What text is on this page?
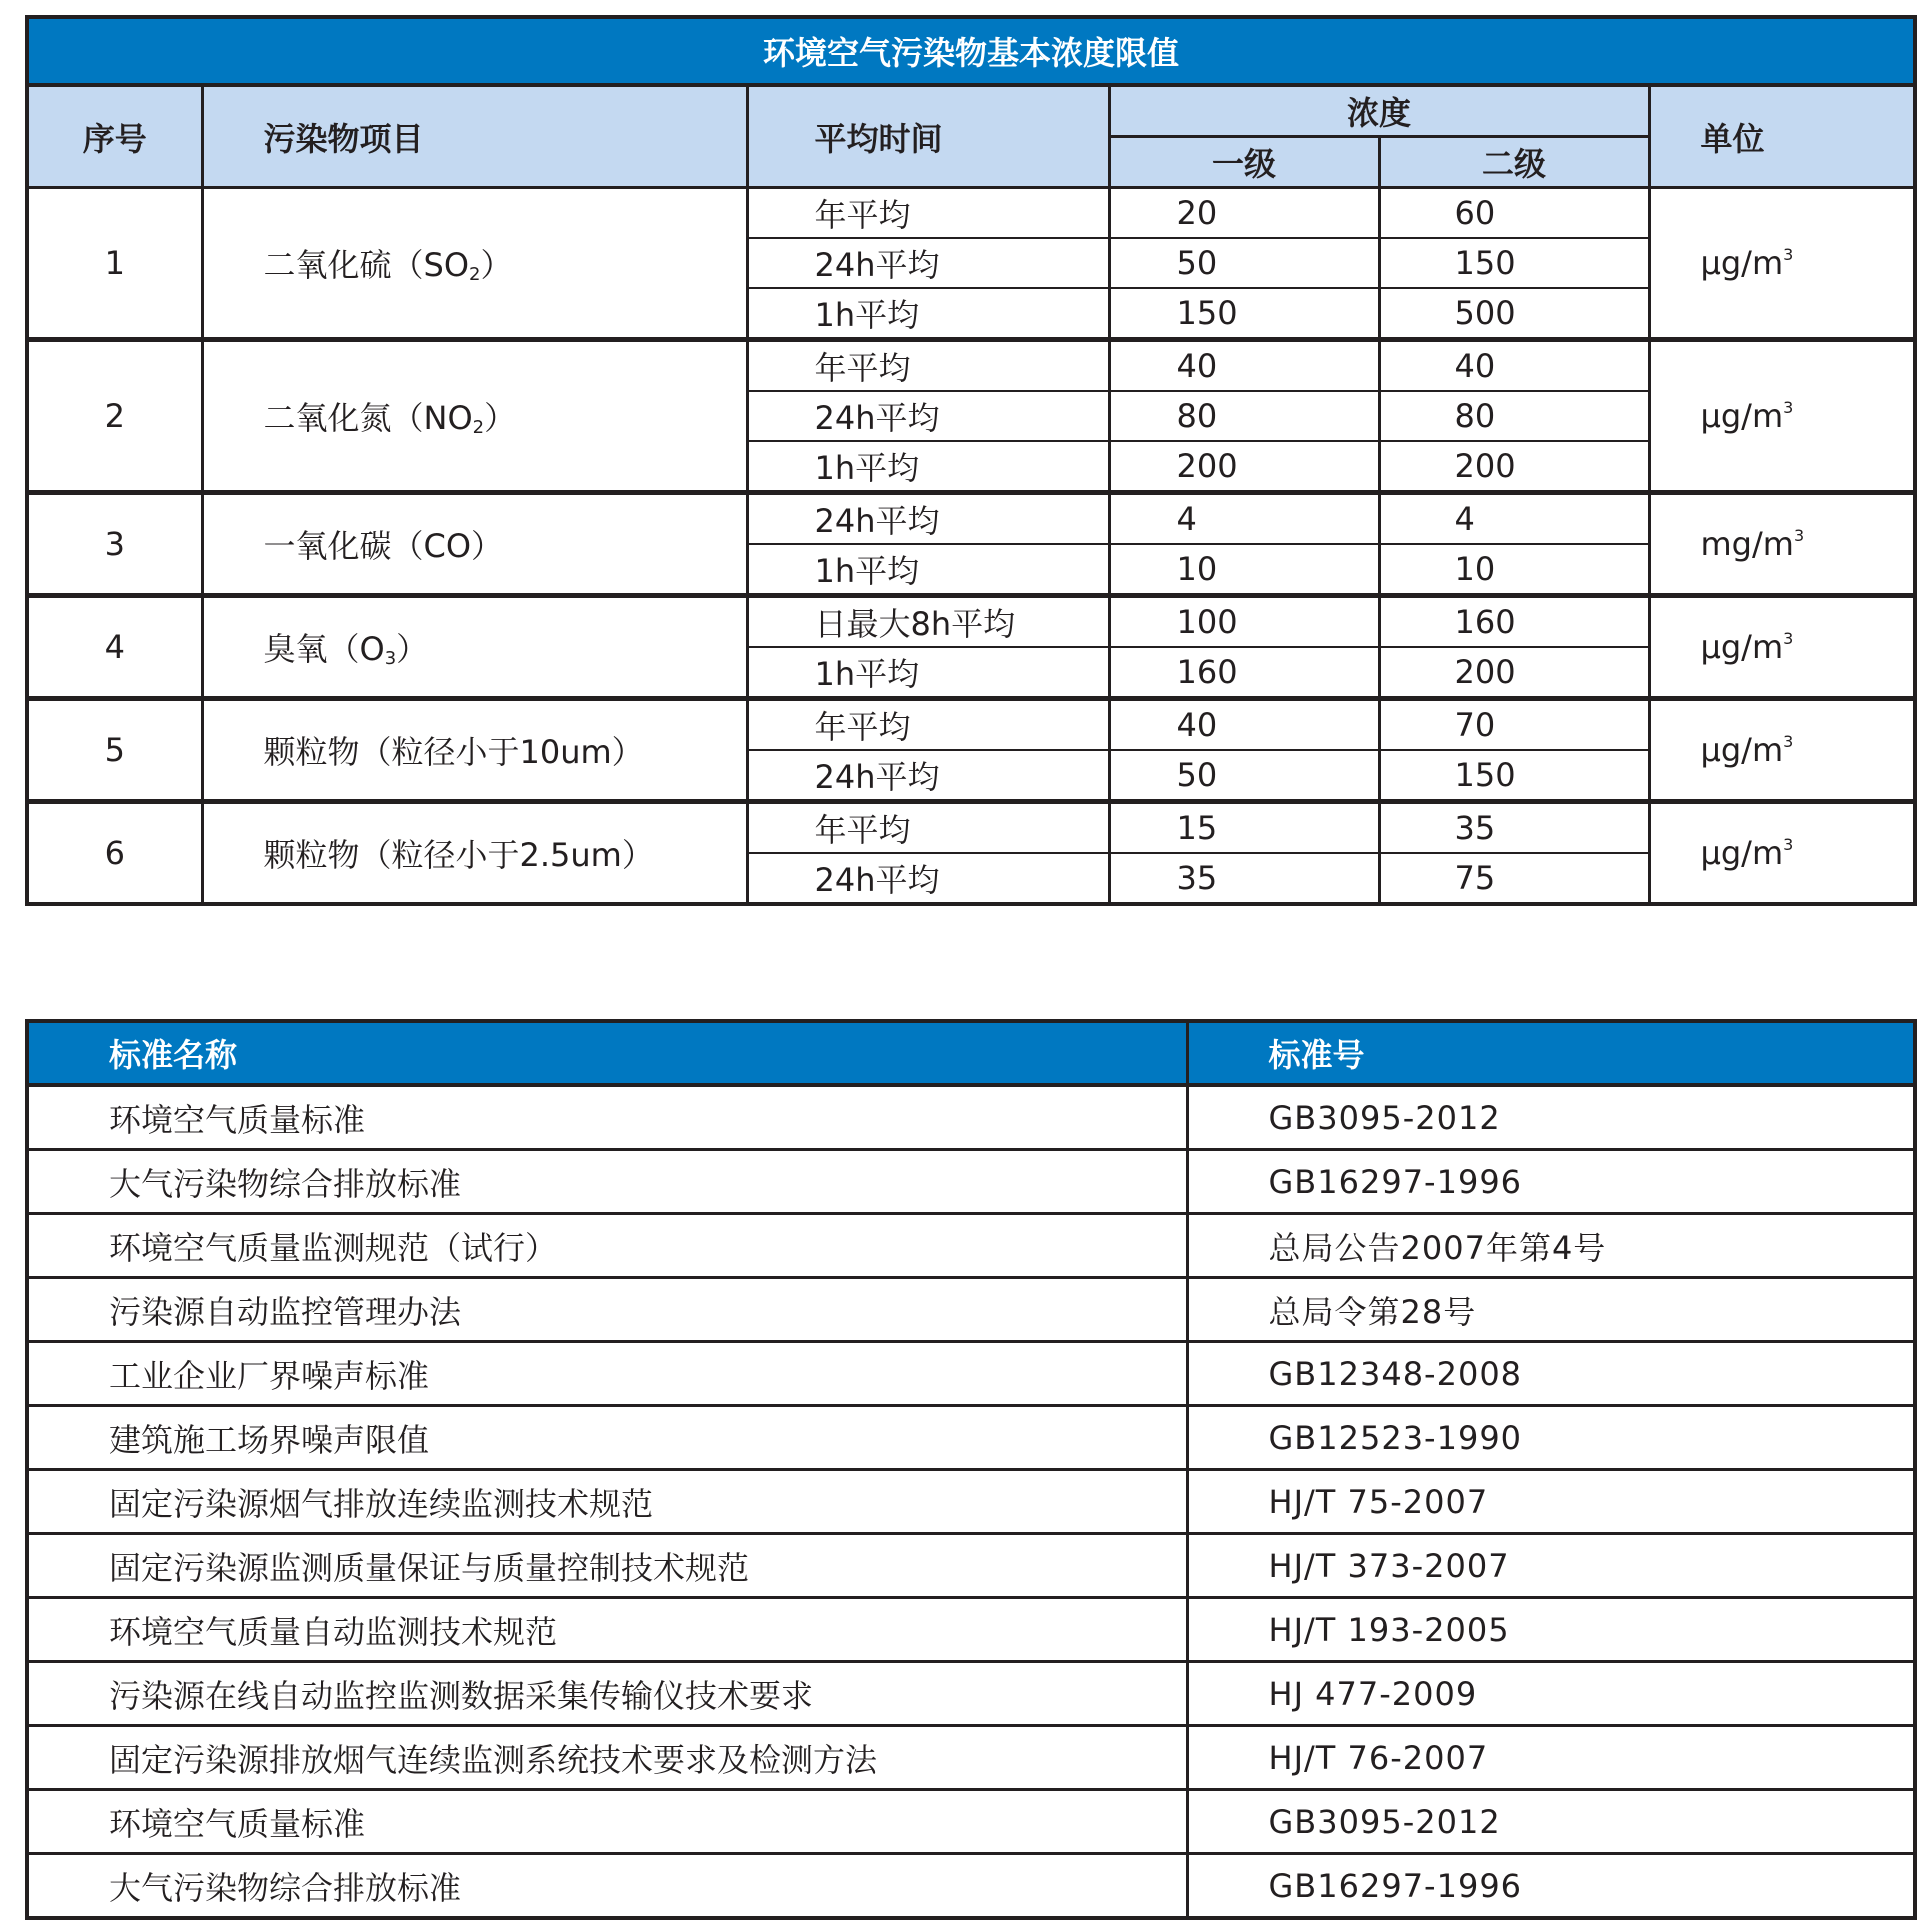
环境空气污染物基本浓度限值					
序号	污染物项目	平均时间	浓度		单位
			一级	二级	
1	二氧化硫$(SO_2)$	年平均	20	60	$\mu g/m^3$
		24h平均	50	150	
		1h平均	150	500	
2	二氧化氮$(NO_2)$	年平均	40	40	$\mu g/m^3$
		24h平均	80	80	
		1h平均	200	200	
3	一氧化碳（CO）	24h平均	4	4	$mg/m^3$
		1h平均	10	10	
4	臭氧$(O_3)$	日最大8h平均	100	160	$\mu g/m^3$
		1h平均	160	200	
5	颗粒物（粒径小于10um）	年平均	40	70	$\mu g/m^3$
		24h平均	50	150	
6	颗粒物（粒径小于2.5um）	年平均	15	35	$\mu g/m^3$
		24h平均	35	75	
标准名称	标准号
环境空气质量标准	GB3095-2012
大气污染物综合排放标准	GB16297-1996
环境空气质量监测规范（试行）	总局公告2007年第4号
污染源自动监控管理办法	总局令第28号
工业企业厂界噪声标准	GB12348-2008
建筑施工场界噪声限值	GB12523-1990
固定污染源烟气排放连续监测技术规范	HJ/T 75-2007
固定污染源监测质量保证与质量控制技术规范	HJ/T 373-2007
环境空气质量自动监测技术规范	HJ/T 193-2005
污染源在线自动监控监测数据采集传输仪技术要求	HJ 477-2009
固定污染源排放烟气连续监测系统技术要求及检测方法	HJ/T 76-2007
环境空气质量标准	GB3095-2012
大气污染物综合排放标准	GB16297-1996
